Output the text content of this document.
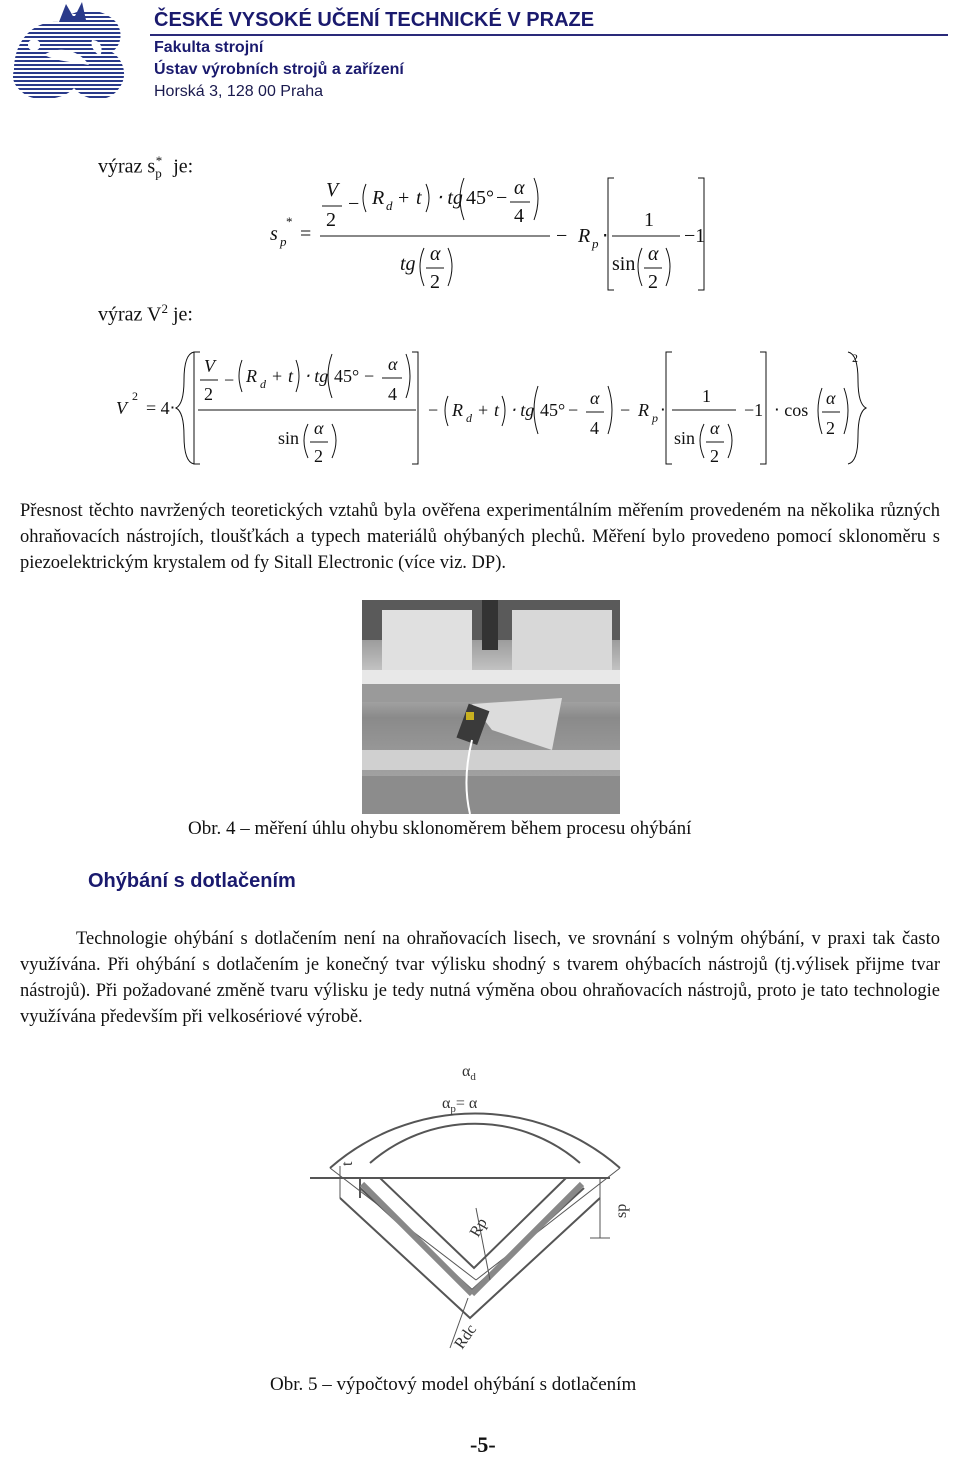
ČESKÉ VYSOKÉ UČENÍ TECHNICKÉ V PRAZE
Fakulta strojní
Ústav výrobních strojů a zařízení
Horská 3, 128 00 Praha
výraz $s_p^*$ je:
s p
*
=
V
2
− R d + t ⋅ tg 45° − α
4
tg α
2
− R p ⋅
1
sin α
2
−1
výraz $V^2$ je:
V
2
= 4⋅
V
2
− R d + t ⋅ tg 45° −
α
4
sin α
2
− R d + t ⋅ tg 45° −
α
4
− R p ⋅
1
sin α
2
−1 ⋅ cos
α
2
2
Přesnost těchto navržených teoretických vztahů byla ověřena experimentálním měřením provedeném na několika různých ohraňovacích nástrojích, tloušťkách a typech materiálů ohýbaných plechů. Měření bylo provedeno pomocí sklonoměru s piezoelektrickým krystalem od fy Sitall Electronic (více viz. DP).
Obr. 4 – měření úhlu ohybu sklonoměrem během procesu ohýbání
Ohýbání s dotlačením
Technologie ohýbání s dotlačením není na ohraňovacích lisech, ve srovnání s volným ohýbání, v praxi tak často využívána. Při ohýbání s dotlačením je konečný tvar výlisku shodný s tvarem ohýbacích nástrojů (tj.výlisek přijme tvar nástrojů). Při požadované změně tvaru výlisku je tedy nutná výměna obou ohraňovacích nástrojů, proto je tato technologie využívána především při velkosériové výrobě.
$\alpha_d$
$\alpha_p= \alpha$
t
Rp
sp
Rdc
Obr. 5 – výpočtový model ohýbání s dotlačením
-5-
